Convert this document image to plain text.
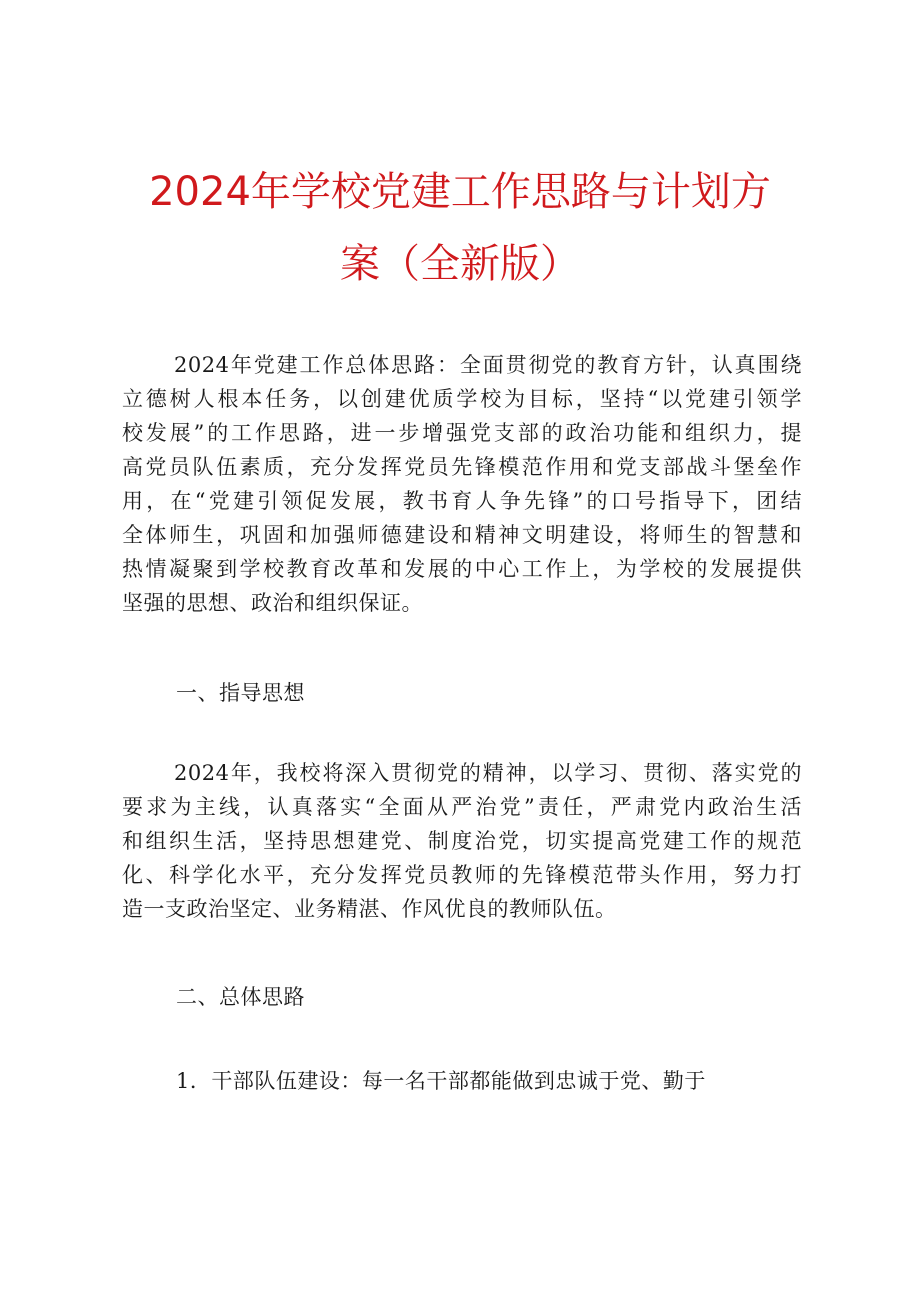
2024年学校党建工作思路与计划方
案（全新版）
2024年党建工作总体思路：全面贯彻党的教育方针，认真围绕
立德树人根本任务，以创建优质学校为目标，坚持“以党建引领学
校发展”的工作思路，进一步增强党支部的政治功能和组织力，提
高党员队伍素质，充分发挥党员先锋模范作用和党支部战斗堡垒作
用，在“党建引领促发展，教书育人争先锋”的口号指导下，团结
全体师生，巩固和加强师德建设和精神文明建设，将师生的智慧和
热情凝聚到学校教育改革和发展的中心工作上，为学校的发展提供
坚强的思想、政治和组织保证。

一、指导思想

2024年，我校将深入贯彻党的精神，以学习、贯彻、落实党的
要求为主线，认真落实“全面从严治党”责任，严肃党内政治生活
和组织生活，坚持思想建党、制度治党，切实提高党建工作的规范
化、科学化水平，充分发挥党员教师的先锋模范带头作用，努力打
造一支政治坚定、业务精湛、作风优良的教师队伍。

二、总体思路

1．干部队伍建设：每一名干部都能做到忠诚于党、勤于
